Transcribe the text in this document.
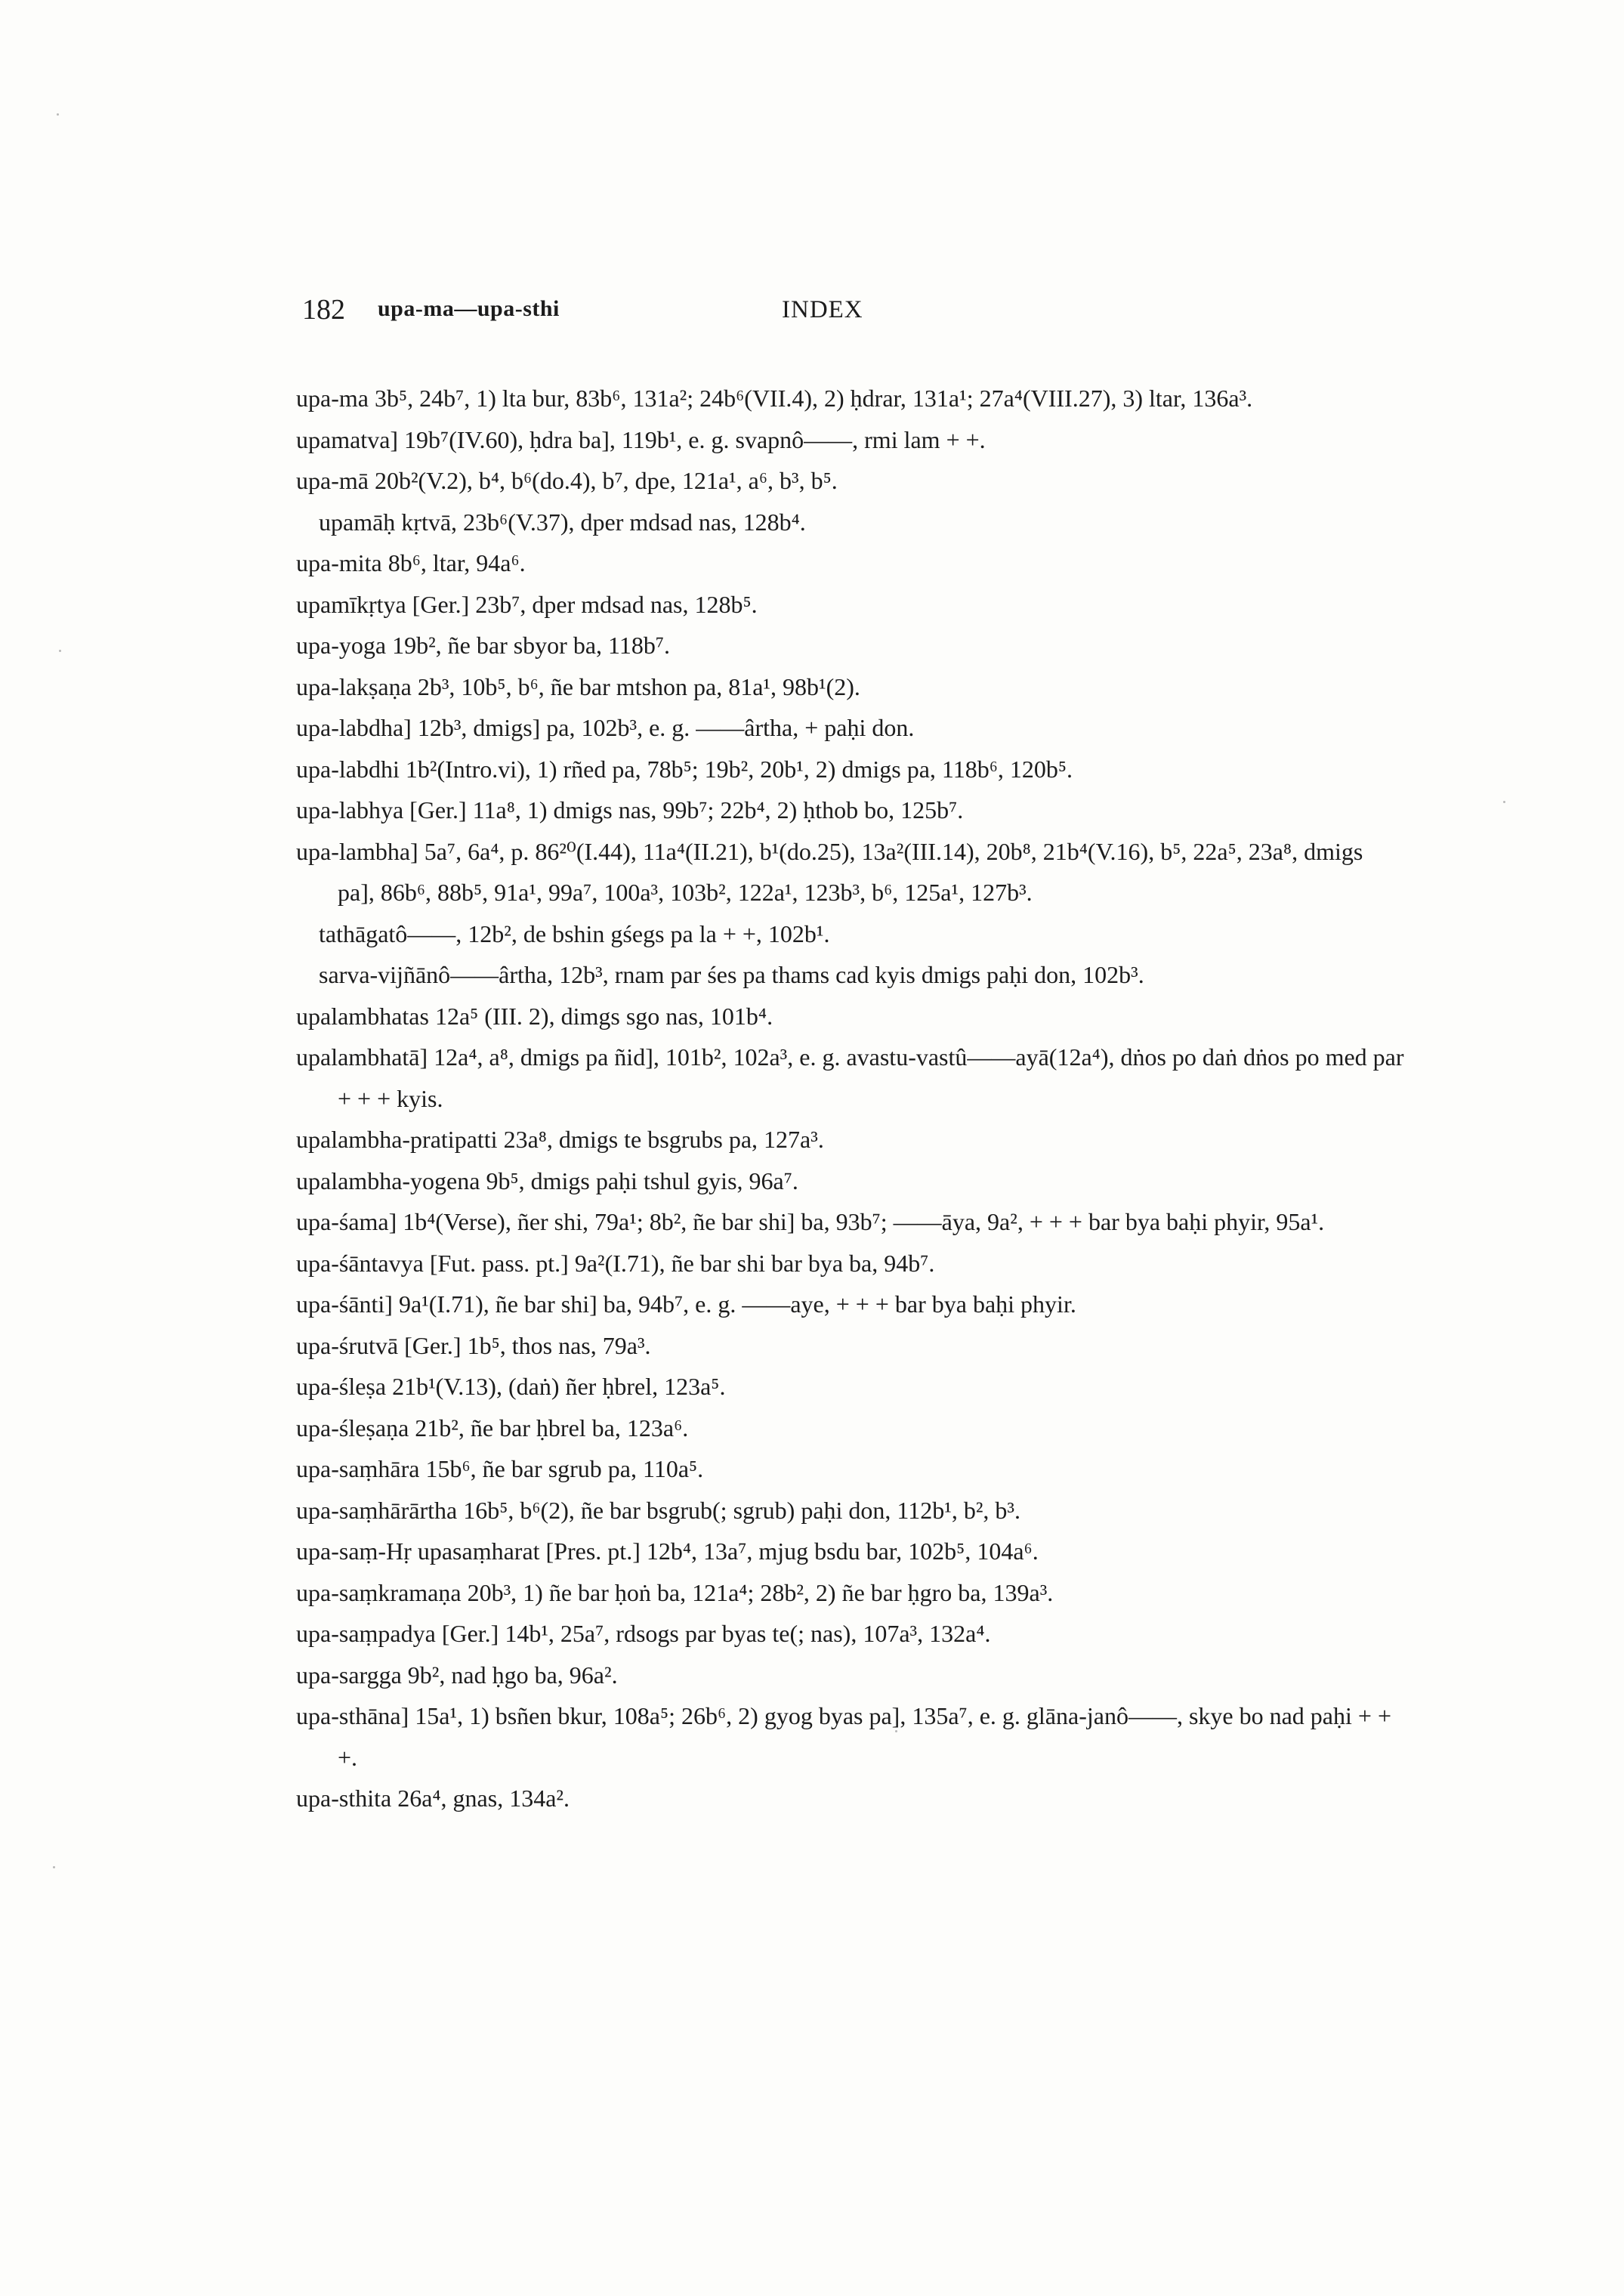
182 upa-ma—upa-sthi	INDEX

upa-ma 3b⁵, 24b⁷, 1) lta bur, 83b⁶, 131a²; 24b⁶(VII.4), 2) ḥdrar, 131a¹; 27a⁴(VIII.27), 3) ltar, 136a³.

upamatva] 19b⁷(IV.60), ḥdra ba], 119b¹, e. g. svapnô——, rmi lam + +.

upa-mā 20b²(V.2), b⁴, b⁶(do.4), b⁷, dpe, 121a¹, a⁶, b³, b⁵.

upamāḥ kṛtvā, 23b⁶(V.37), dper mdsad nas, 128b⁴.

upa-mita 8b⁶, ltar, 94a⁶.

upamīkṛtya [Ger.] 23b⁷, dper mdsad nas, 128b⁵.

upa-yoga 19b², ñe bar sbyor ba, 118b⁷.

upa-lakṣaṇa 2b³, 10b⁵, b⁶, ñe bar mtshon pa, 81a¹, 98b¹(2).

upa-labdha] 12b³, dmigs] pa, 102b³, e. g. ——ârtha, + paḥi don.

upa-labdhi 1b²(Intro.vi), 1) rñed pa, 78b⁵; 19b², 20b¹, 2) dmigs pa, 118b⁶, 120b⁵.

upa-labhya [Ger.] 11a⁸, 1) dmigs nas, 99b⁷; 22b⁴, 2) ḥthob bo, 125b⁷.

upa-lambha] 5a⁷, 6a⁴, p. 86²⁰(I.44), 11a⁴(II.21), b¹(do.25), 13a²(III.14), 20b⁸, 21b⁴(V.16), b⁵, 22a⁵, 23a⁸, dmigs pa], 86b⁶, 88b⁵, 91a¹, 99a⁷, 100a³, 103b², 122a¹, 123b³, b⁶, 125a¹, 127b³.

tathāgatô——, 12b², de bshin gśegs pa la + +, 102b¹.

sarva-vijñānô——ârtha, 12b³, rnam par śes pa thams cad kyis dmigs paḥi don, 102b³.

upalambhatas 12a⁵ (III. 2), dimgs sgo nas, 101b⁴.

upalambhatā] 12a⁴, a⁸, dmigs pa ñid], 101b², 102a³, e. g. avastu-vastû——ayā(12a⁴), dṅos po daṅ dṅos po med par + + + kyis.

upalambha-pratipatti 23a⁸, dmigs te bsgrubs pa, 127a³.

upalambha-yogena 9b⁵, dmigs paḥi tshul gyis, 96a⁷.

upa-śama] 1b⁴(Verse), ñer shi, 79a¹; 8b², ñe bar shi] ba, 93b⁷; ——āya, 9a², + + + bar bya baḥi phyir, 95a¹.

upa-śāntavya [Fut. pass. pt.] 9a²(I.71), ñe bar shi bar bya ba, 94b⁷.

upa-śānti] 9a¹(I.71), ñe bar shi] ba, 94b⁷, e. g. ——aye, + + + bar bya baḥi phyir.

upa-śrutvā [Ger.] 1b⁵, thos nas, 79a³.

upa-śleṣa 21b¹(V.13), (daṅ) ñer ḥbrel, 123a⁵.

upa-śleṣaṇa 21b², ñe bar ḥbrel ba, 123a⁶.

upa-saṃhāra 15b⁶, ñe bar sgrub pa, 110a⁵.

upa-saṃhārārtha 16b⁵, b⁶(2), ñe bar bsgrub(; sgrub) paḥi don, 112b¹, b², b³.

upa-saṃ-Hṛ upasaṃharat [Pres. pt.] 12b⁴, 13a⁷, mjug bsdu bar, 102b⁵, 104a⁶.

upa-saṃkramaṇa 20b³, 1) ñe bar ḥoṅ ba, 121a⁴; 28b², 2) ñe bar ḥgro ba, 139a³.

upa-saṃpadya [Ger.] 14b¹, 25a⁷, rdsogs par byas te(; nas), 107a³, 132a⁴.

upa-sargga 9b², nad ḥgo ba, 96a².

upa-sthāna] 15a¹, 1) bsñen bkur, 108a⁵; 26b⁶, 2) gyog byas pa], 135a⁷, e. g. glāna-janô——, skye bo nad paḥi + + +.

upa-sthita 26a⁴, gnas, 134a².
